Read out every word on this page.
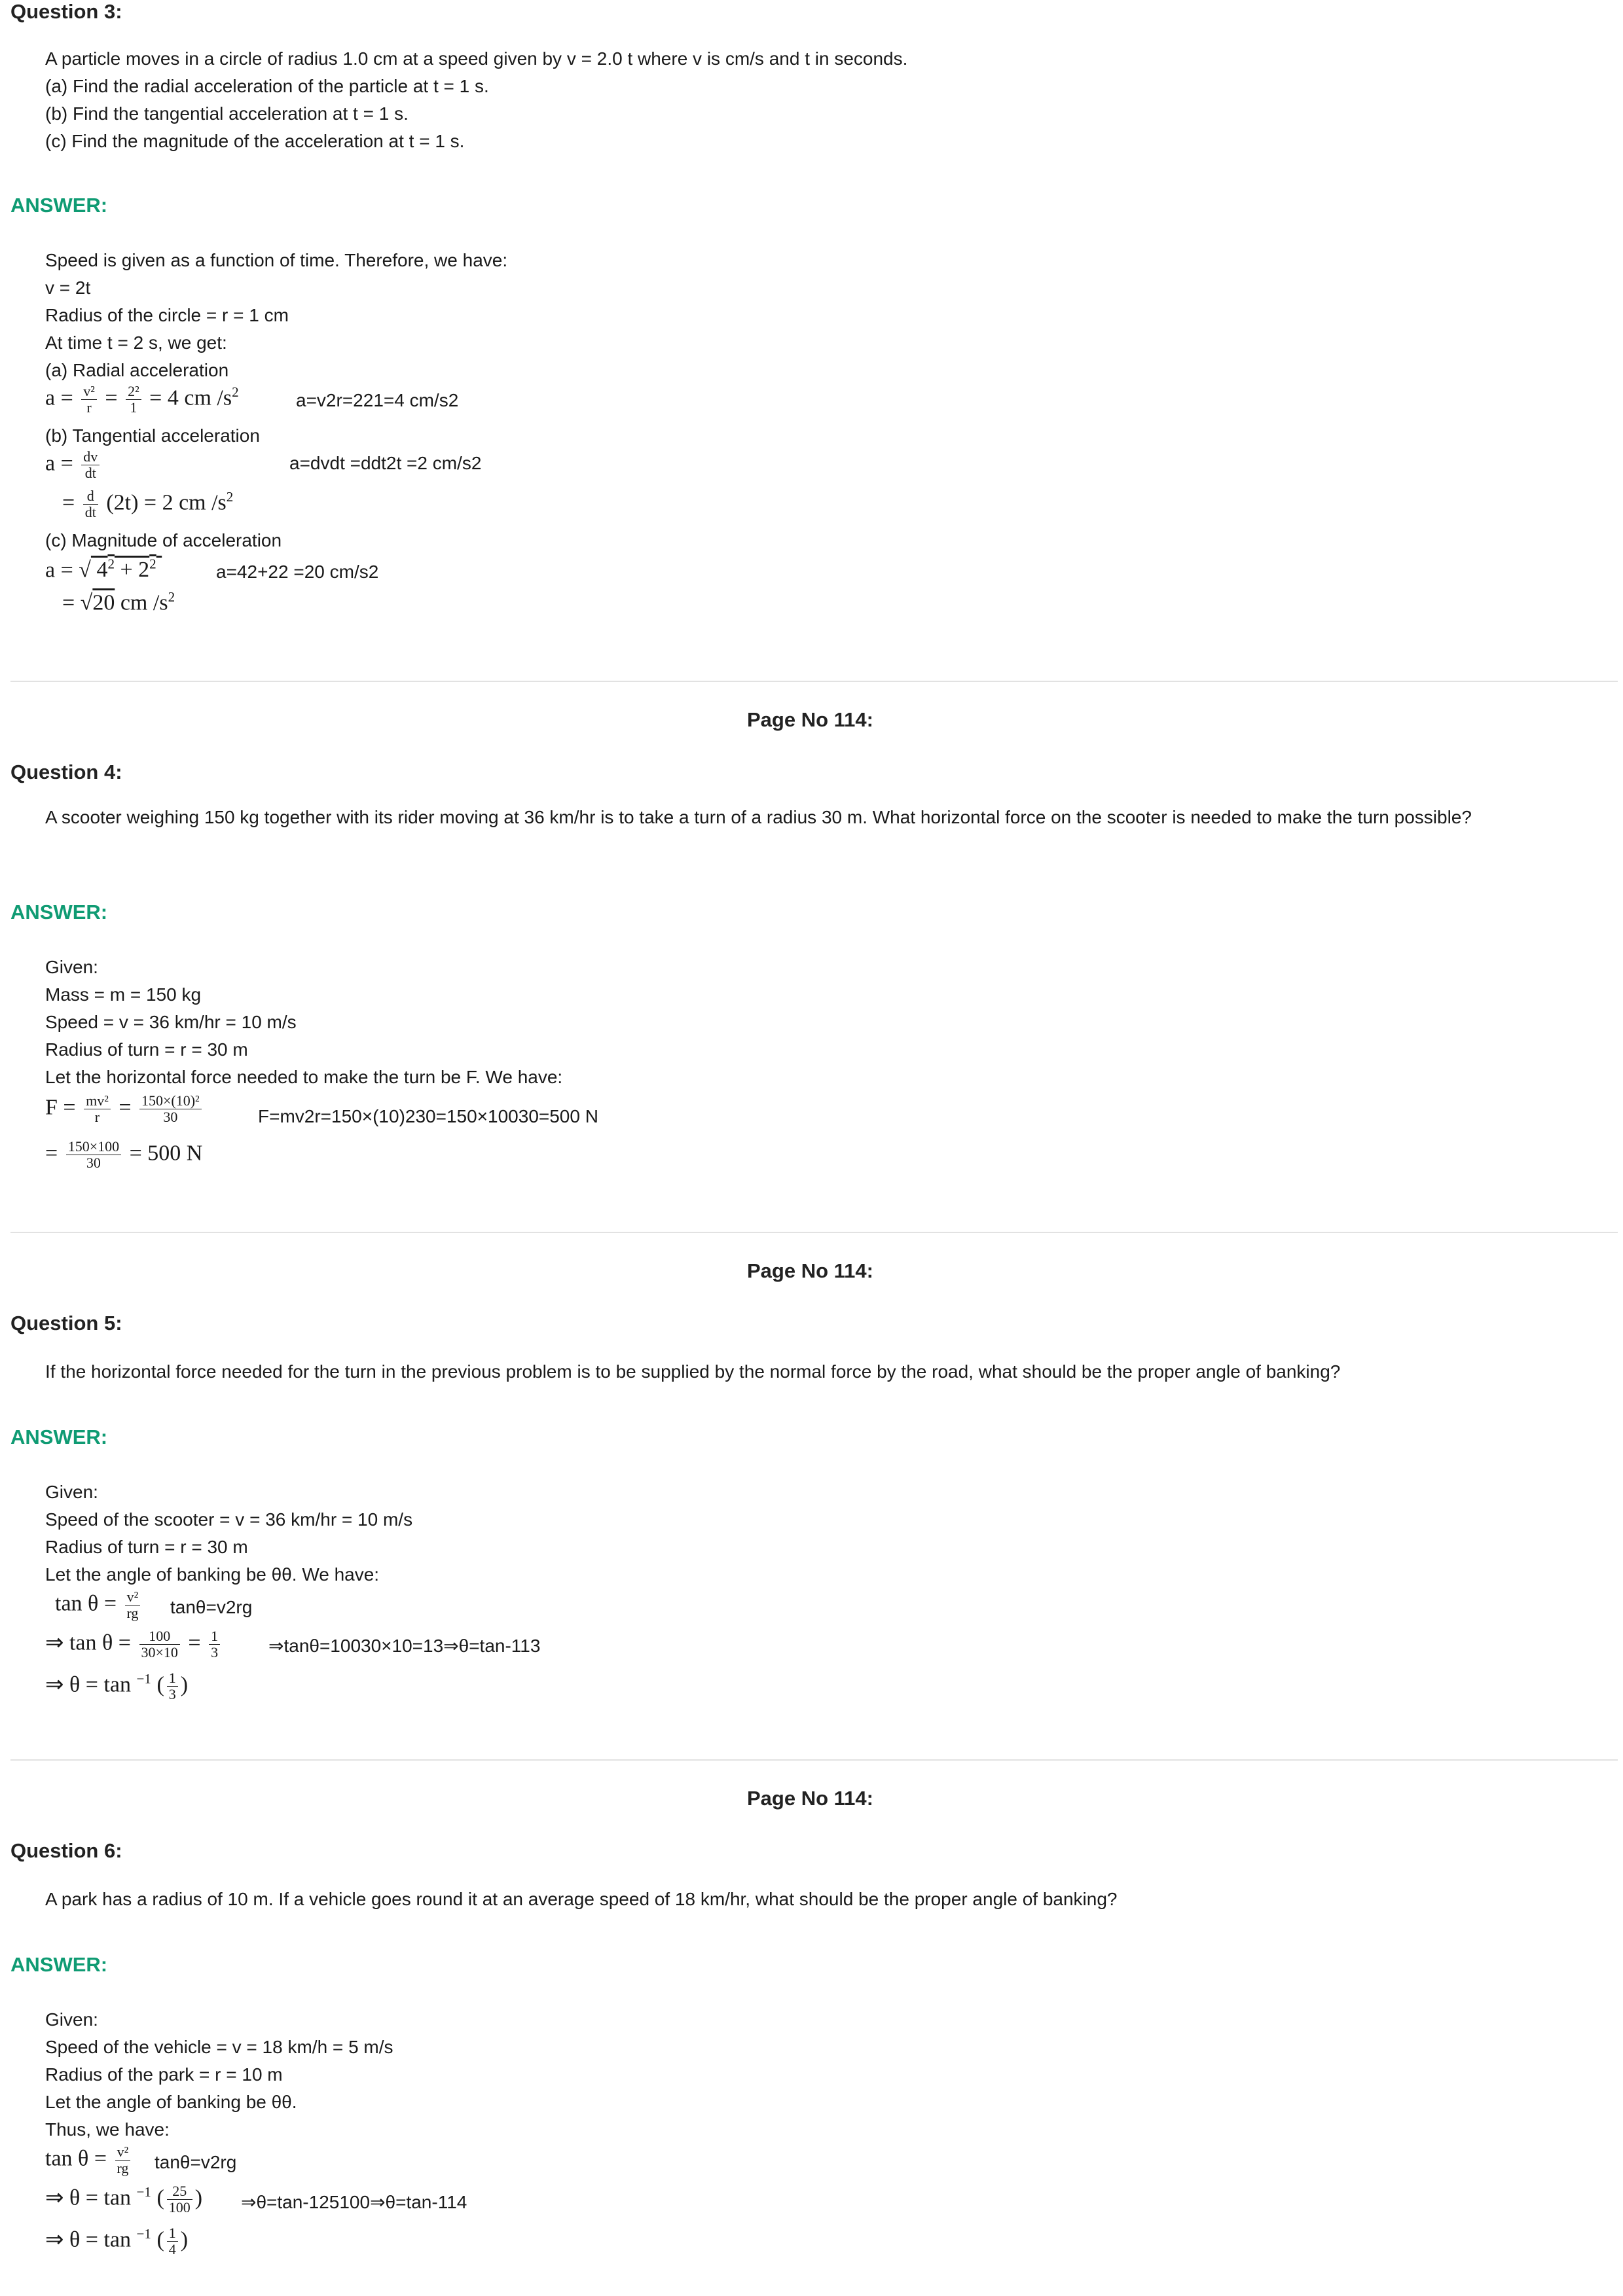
Question 3:
A particle moves in a circle of radius 1.0 cm at a speed given by v = 2.0 t where v is cm/s and t in seconds.
(a) Find the radial acceleration of the particle at t = 1 s.
(b) Find the tangential acceleration at t = 1 s.
(c) Find the magnitude of the acceleration at t = 1 s.
ANSWER:
Speed is given as a function of time. Therefore, we have:
v = 2t
Radius of the circle = r = 1 cm
At time t = 2 s, we get:
(a) Radial acceleration
$a = \frac{\text{v²}}{r} = \frac{\text{2²}}{1} = 4$ cm $/s^2$	a=v2r=221=4 cm/s2
(b) Tangential acceleration
$a = \frac{dv}{dt}$	a=dvdt =ddt2t =2 cm/s2
= $\frac{d}{dt} (2t) = 2$ cm $/s^2$
(c) Magnitude of acceleration
a = √ $4^2 + 2^2$	a=42+22 =20 cm/s2
= √20 cm $/s^2$
Page No 114:
Question 4:
A scooter weighing 150 kg together with its rider moving at 36 km/hr is to take a turn of a radius 30 m. What horizontal force on the scooter is needed to make the turn possible?
ANSWER:
Given:
Mass = m = 150 kg
Speed = v = 36 km/hr = 10 m/s
Radius of turn = r = 30 m
Let the horizontal force needed to make the turn be F. We have:
$F = \frac{\text{mv²}}{r} = \frac{\text{150×(10)²}}{30}$	F=mv2r=150×(10)230=150×10030=500 N
= $\frac{150\times 100}{30} = 500$ N
Page No 114:
Question 5:
If the horizontal force needed for the turn in the previous problem is to be supplied by the normal force by the road, what should be the proper angle of banking?
ANSWER:
Given:
Speed of the scooter = v = 36 km/hr = 10 m/s
Radius of turn = r = 30 m
Let the angle of banking be θθ. We have:
$\tan \theta = \frac{\text{v²}}{rg} \tan\theta=v2rg$
⇒ $\tan \theta = \frac{100}{30\times 10} = \frac{1}{3}$	⇒tanθ=10030×10=13⇒θ=tan-113
⇒ θ = tan $^{-1}$ ( $\frac{1}{3}$ )
Page No 114:
Question 6:
A park has a radius of 10 m. If a vehicle goes round it at an average speed of 18 km/hr, what should be the proper angle of banking?
ANSWER:
Given:
Speed of the vehicle = v = 18 km/h = 5 m/s
Radius of the park = r = 10 m
Let the angle of banking be θθ.
Thus, we have:
$\tan \theta = \frac{\text{v²}}{rg} \tan\theta=v2rg$
⇒ θ = tan $^{-1}$ ( $\frac{25}{100}$ ) ⇒θ=tan-125100⇒θ=tan-114
⇒ θ = tan $^{-1}$ ( $\frac{1}{4}$ )
